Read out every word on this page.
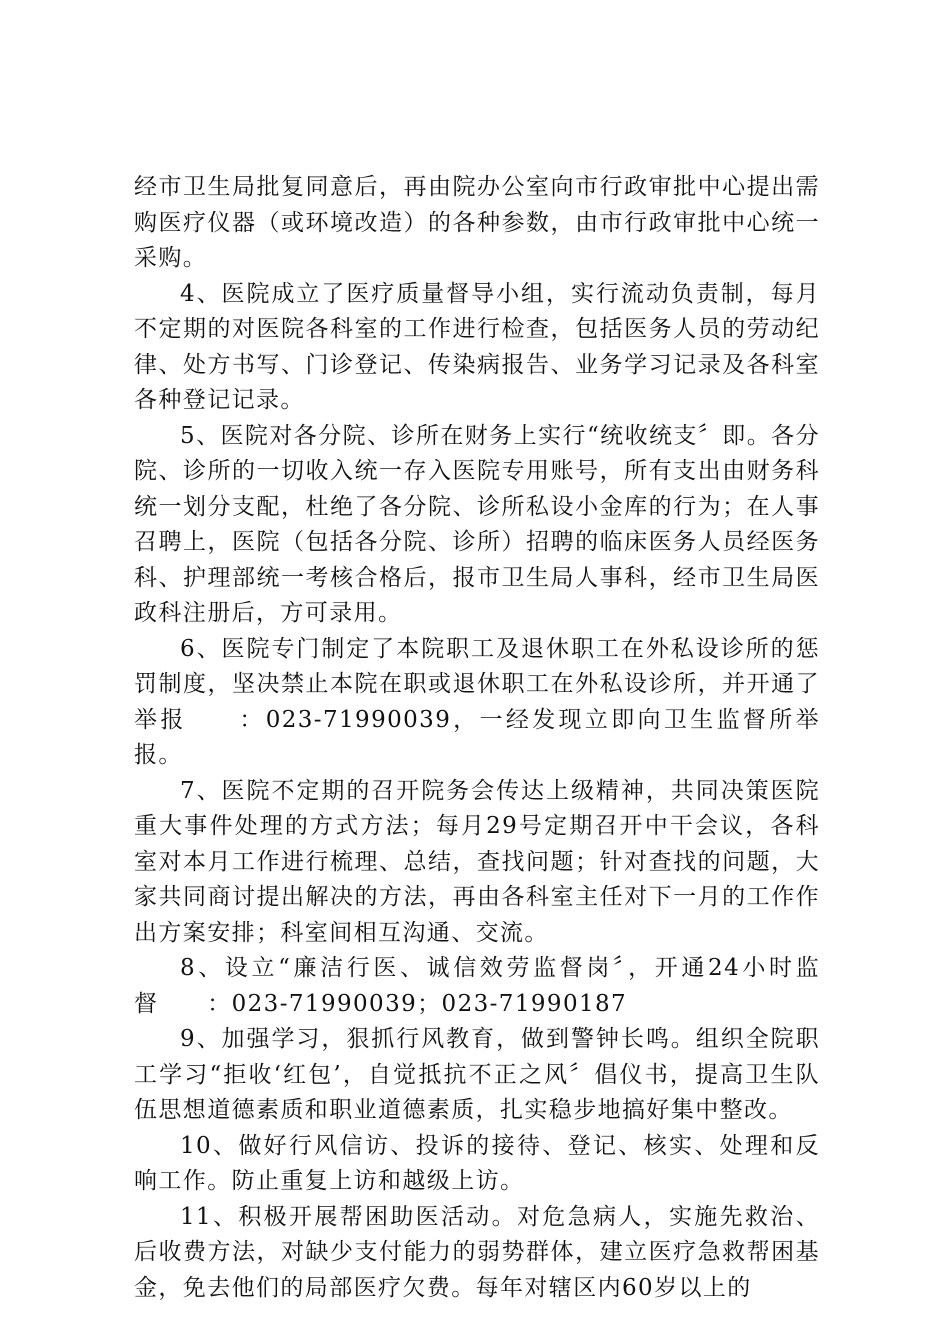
经市卫生局批复同意后，再由院办公室向市行政审批中心提出需购医疗仪器（或环境改造）的各种参数，由市行政审批中心统一采购。

4、医院成立了医疗质量督导小组，实行流动负责制，每月不定期的对医院各科室的工作进行检查，包括医务人员的劳动纪律、处方书写、门诊登记、传染病报告、业务学习记录及各科室各种登记记录。

5、医院对各分院、诊所在财务上实行“统收统支〞即。各分院、诊所的一切收入统一存入医院专用账号，所有支出由财务科统一划分支配，杜绝了各分院、诊所私设小金库的行为；在人事召聘上，医院（包括各分院、诊所）招聘的临床医务人员经医务科、护理部统一考核合格后，报市卫生局人事科，经市卫生局医政科注册后，方可录用。

6、医院专门制定了本院职工及退休职工在外私设诊所的惩罚制度，坚决禁止本院在职或退休职工在外私设诊所，并开通了举报　　：023-71990039，一经发现立即向卫生监督所举报。

7、医院不定期的召开院务会传达上级精神，共同决策医院重大事件处理的方式方法；每月29号定期召开中干会议，各科室对本月工作进行梳理、总结，查找问题；针对查找的问题，大家共同商讨提出解决的方法，再由各科室主任对下一月的工作作出方案安排；科室间相互沟通、交流。

8、设立“廉洁行医、诚信效劳监督岗〞，开通24小时监督　　：023-71990039；023-71990187

9、加强学习，狠抓行风教育，做到警钟长鸣。组织全院职工学习“拒收‘红包’，自觉抵抗不正之风〞倡仪书，提高卫生队伍思想道德素质和职业道德素质，扎实稳步地搞好集中整改。

10、做好行风信访、投诉的接待、登记、核实、处理和反响工作。防止重复上访和越级上访。

11、积极开展帮困助医活动。对危急病人，实施先救治、后收费方法，对缺少支付能力的弱势群体，建立医疗急救帮困基金，免去他们的局部医疗欠费。每年对辖区内60岁以上的
